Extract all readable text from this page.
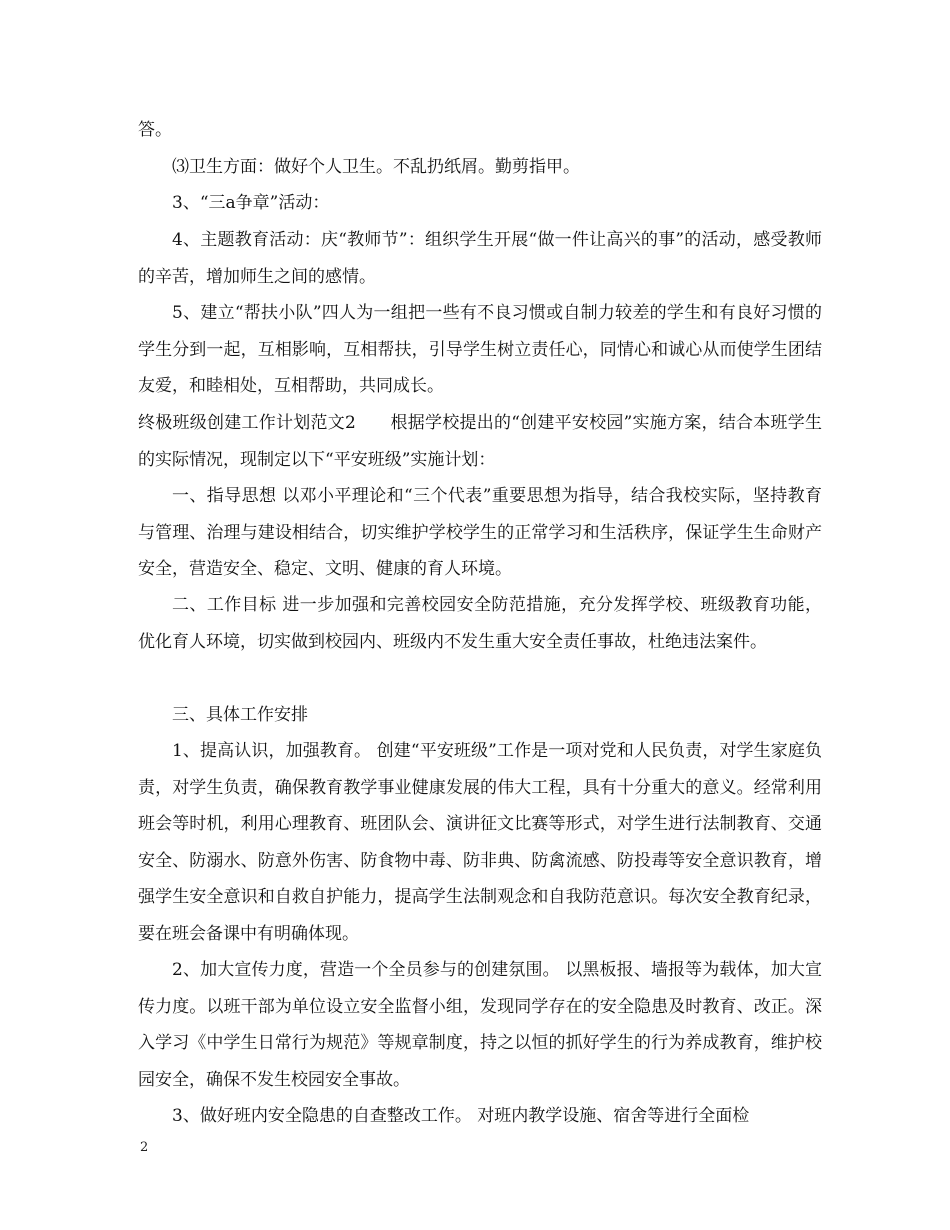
答。
⑶卫生方面：做好个人卫生。不乱扔纸屑。勤剪指甲。
3、“三a争章”活动：
4、主题教育活动：庆“教师节”：组织学生开展“做一件让高兴的事”的活动，感受教师的辛苦，增加师生之间的感情。
5、建立“帮扶小队”四人为一组把一些有不良习惯或自制力较差的学生和有良好习惯的学生分到一起，互相影响，互相帮扶，引导学生树立责任心，同情心和诚心从而使学生团结友爱，和睦相处，互相帮助，共同成长。
终极班级创建工作计划范文2　　根据学校提出的“创建平安校园”实施方案，结合本班学生的实际情况，现制定以下“平安班级”实施计划：
一、指导思想 以邓小平理论和“三个代表”重要思想为指导，结合我校实际，坚持教育与管理、治理与建设相结合，切实维护学校学生的正常学习和生活秩序，保证学生生命财产安全，营造安全、稳定、文明、健康的育人环境。
二、工作目标 进一步加强和完善校园安全防范措施，充分发挥学校、班级教育功能，优化育人环境，切实做到校园内、班级内不发生重大安全责任事故，杜绝违法案件。
三、具体工作安排
1、提高认识，加强教育。 创建“平安班级”工作是一项对党和人民负责，对学生家庭负责，对学生负责，确保教育教学事业健康发展的伟大工程，具有十分重大的意义。经常利用班会等时机，利用心理教育、班团队会、演讲征文比赛等形式，对学生进行法制教育、交通安全、防溺水、防意外伤害、防食物中毒、防非典、防禽流感、防投毒等安全意识教育，增强学生安全意识和自救自护能力，提高学生法制观念和自我防范意识。每次安全教育纪录，要在班会备课中有明确体现。
2、加大宣传力度，营造一个全员参与的创建氛围。 以黑板报、墙报等为载体，加大宣传力度。以班干部为单位设立安全监督小组，发现同学存在的安全隐患及时教育、改正。深入学习《中学生日常行为规范》等规章制度，持之以恒的抓好学生的行为养成教育，维护校园安全，确保不发生校园安全事故。
3、做好班内安全隐患的自查整改工作。 对班内教学设施、宿舍等进行全面检
2
